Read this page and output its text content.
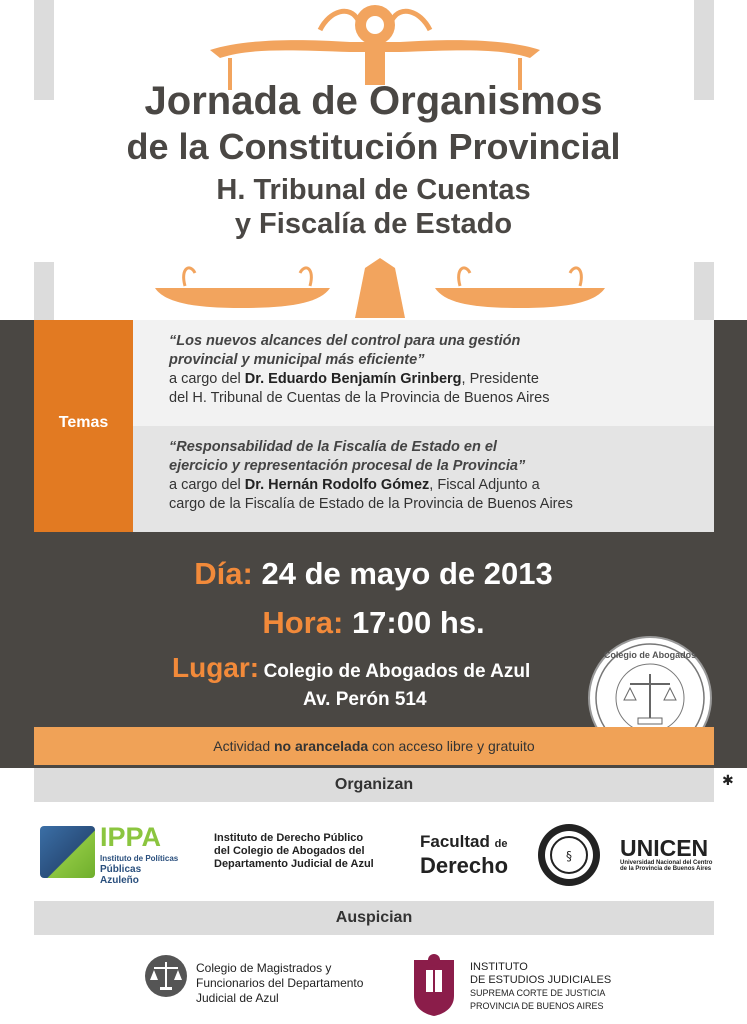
Jornada de Organismos
de la Constitución Provincial
H. Tribunal de Cuentas
y Fiscalía de Estado
Temas

“Los nuevos alcances del control para una gestión

provincial y municipal más eficiente”

a cargo del Dr. Eduardo Benjamín Grinberg, Presidente

del H. Tribunal de Cuentas de la Provincia de Buenos Aires

“Responsabilidad de la Fiscalía de Estado en el

ejercicio y representación procesal de la Provincia”

a cargo del Dr. Hernán Rodolfo Gómez, Fiscal Adjunto a

cargo de la Fiscalía de Estado de la Provincia de Buenos Aires

Día: 24 de mayo de 2013
Hora: 17:00 hs.
Lugar: Colegio de Abogados de Azul
Av. Perón 514
Colegio de Abogados
Actividad no arancelada con acceso libre y gratuito
Organizan	✱
IPPA
Instituto de Políticas
Públicas Azuleño
Instituto de Derecho Público
del Colegio de Abogados del
Departamento Judicial de Azul
Facultad de
Derecho	§ UNICEN
Universidad Nacional del Centro
de la Provincia de Buenos Aires
Auspician
Colegio de Magistrados y
Funcionarios del Departamento
Judicial de Azul
INSTITUTO
DE ESTUDIOS JUDICIALES
SUPREMA CORTE DE JUSTICIA
PROVINCIA DE BUENOS AIRES
